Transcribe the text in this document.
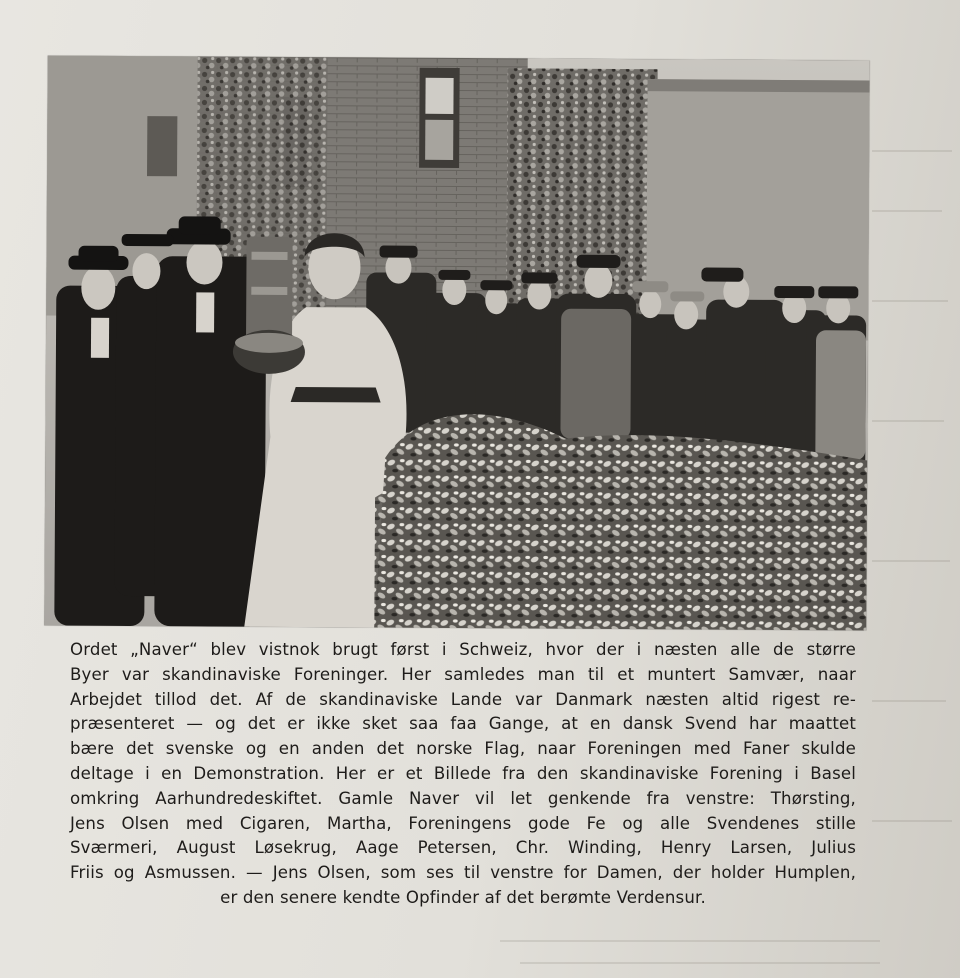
Ordet „Naver“ blev vistnok brugt først i Schweiz, hvor der i næsten alle de større
Byer var skandinaviske Foreninger. Her samledes man til et muntert Samvær, naar
Arbejdet tillod det. Af de skandinaviske Lande var Danmark næsten altid rigest re-
præsenteret — og det er ikke sket saa faa Gange, at en dansk Svend har maattet
bære det svenske og en anden det norske Flag, naar Foreningen med Faner skulde
deltage i en Demonstration. Her er et Billede fra den skandinaviske Forening i Basel
omkring Aarhundredeskiftet. Gamle Naver vil let genkende fra venstre: Thørsting,
Jens Olsen med Cigaren, Martha, Foreningens gode Fe og alle Svendenes stille
Sværmeri, August Løsekrug, Aage Petersen, Chr. Winding, Henry Larsen, Julius
Friis og Asmussen. — Jens Olsen, som ses til venstre for Damen, der holder Humplen,
er den senere kendte Opfinder af det berømte Verdensur.
